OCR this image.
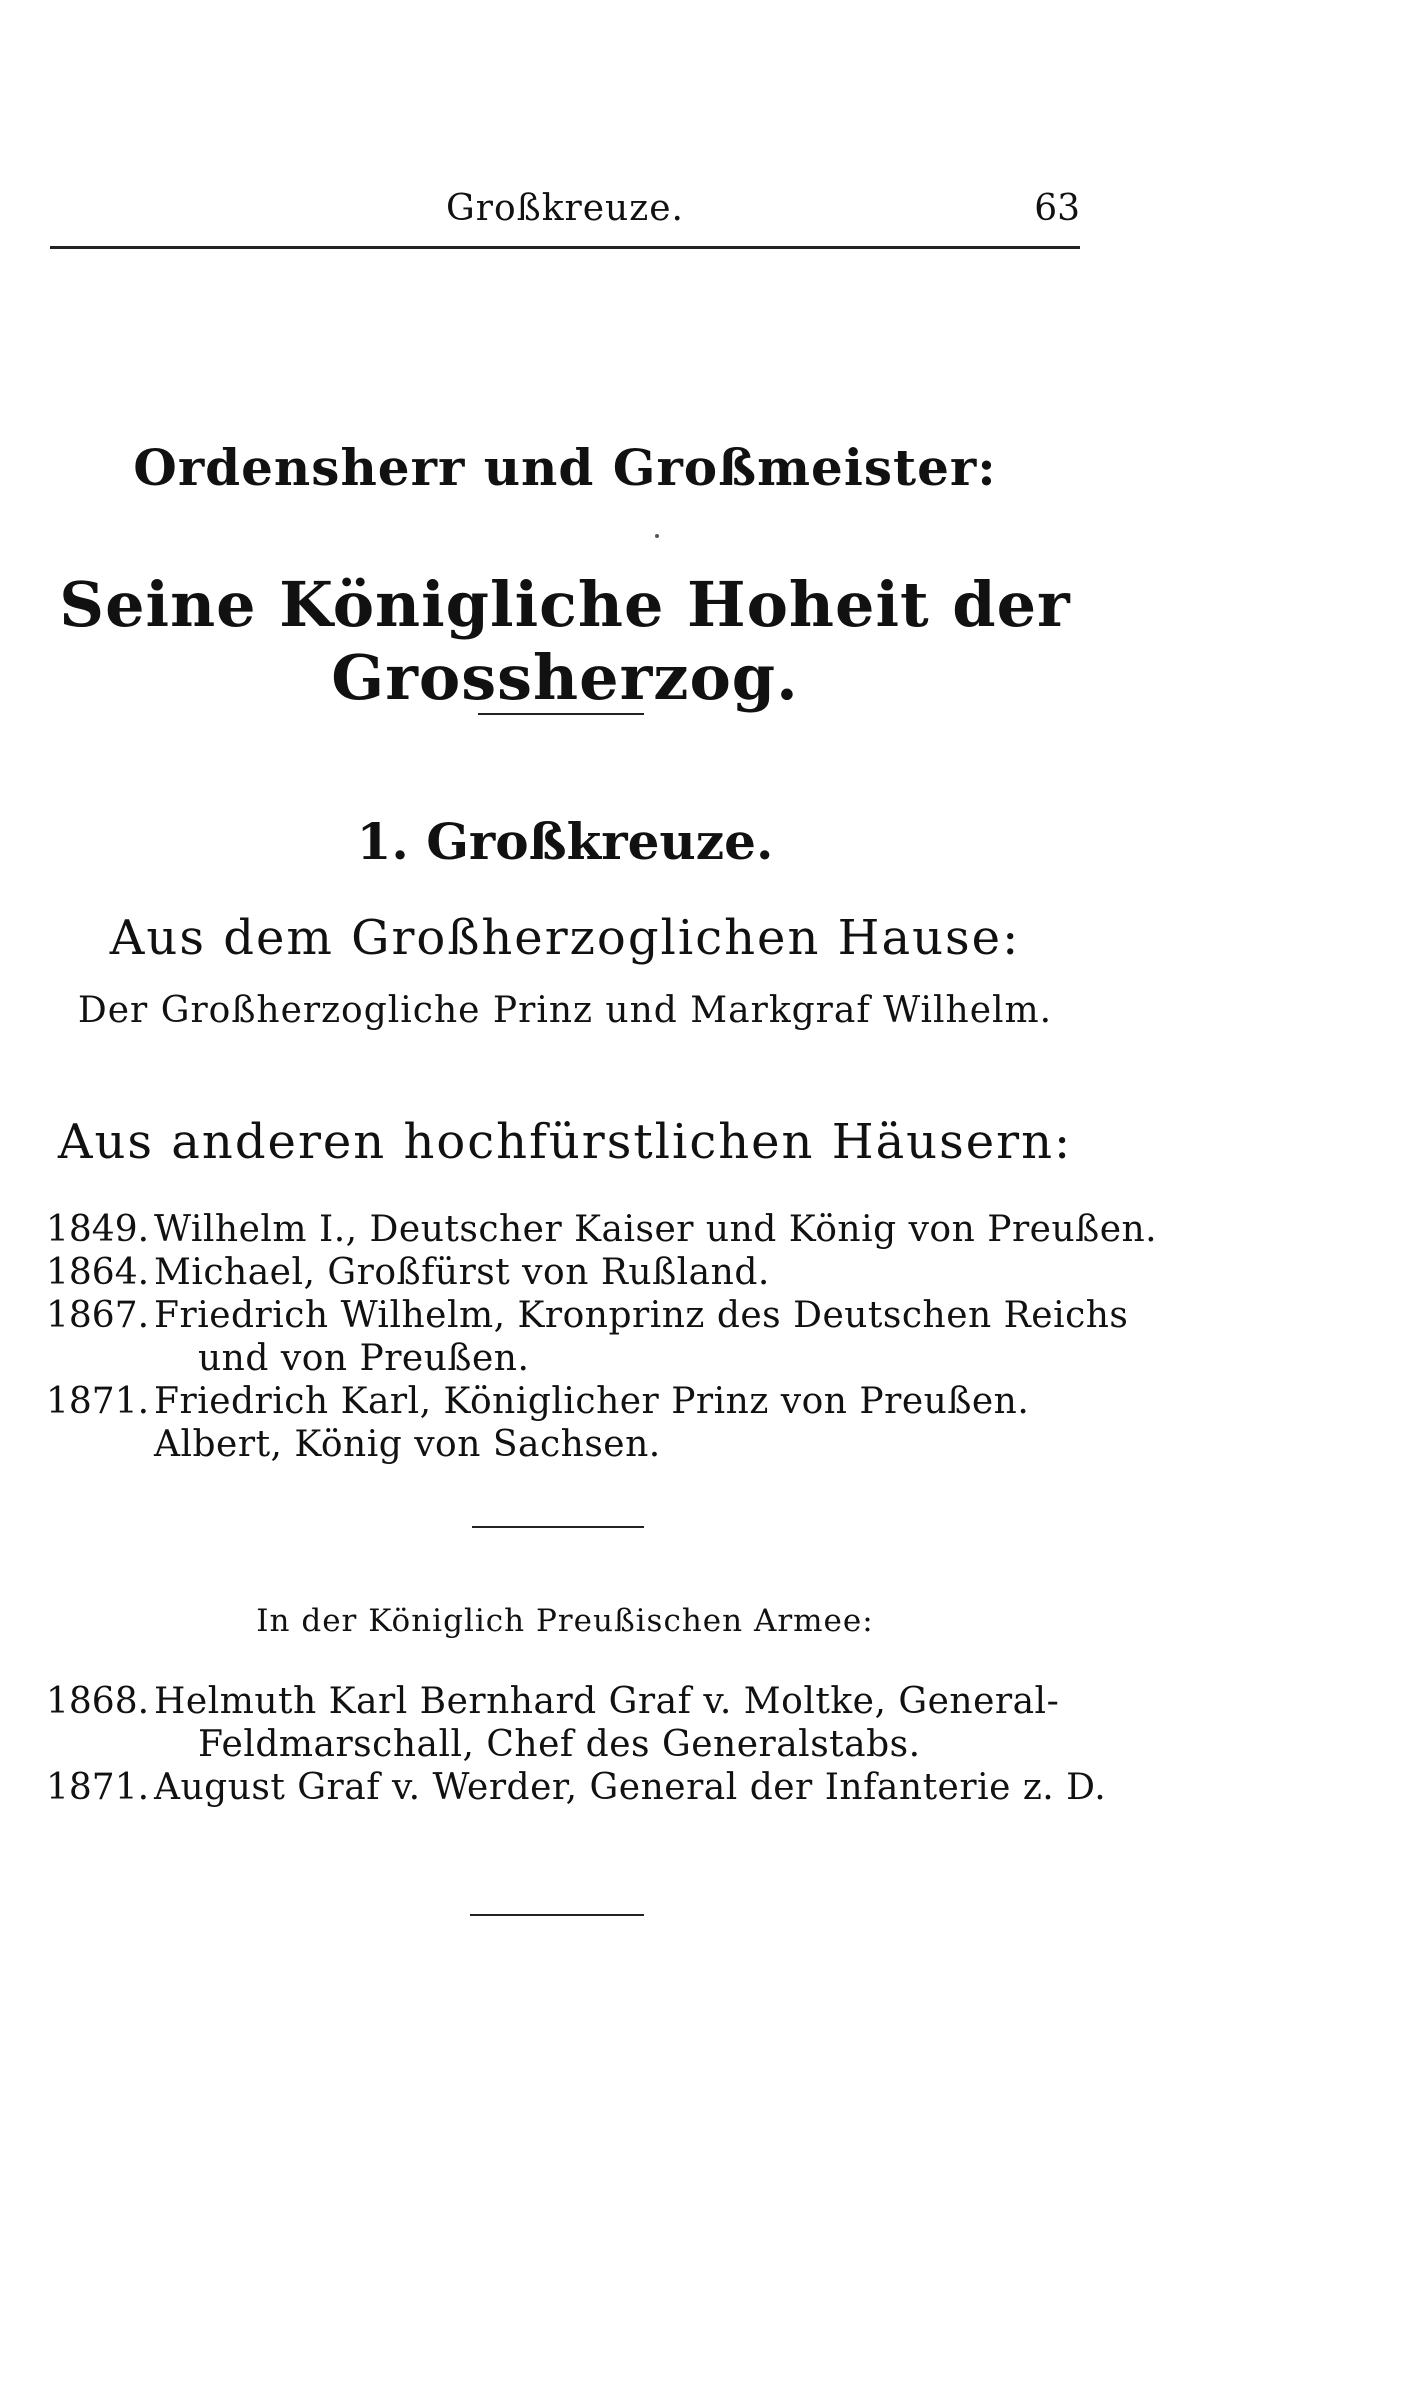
Großkreuze.	63
Ordensherr und Großmeister:
Seine Königliche Hoheit der Grossherzog.
1. Großkreuze.
Aus dem Großherzoglichen Hause:
Der Großherzogliche Prinz und Markgraf Wilhelm.
Aus anderen hochfürstlichen Häusern:
1849. Wilhelm I., Deutscher Kaiser und König von Preußen.
1864. Michael, Großfürst von Rußland.
1867. Friedrich Wilhelm, Kronprinz des Deutschen Reichs
und von Preußen.
1871. Friedrich Karl, Königlicher Prinz von Preußen.
Albert, König von Sachsen.
In der Königlich Preußischen Armee:
1868. Helmuth Karl Bernhard Graf v. Moltke, General-
Feldmarschall, Chef des Generalstabs.
1871. August Graf v. Werder, General der Infanterie z. D.
